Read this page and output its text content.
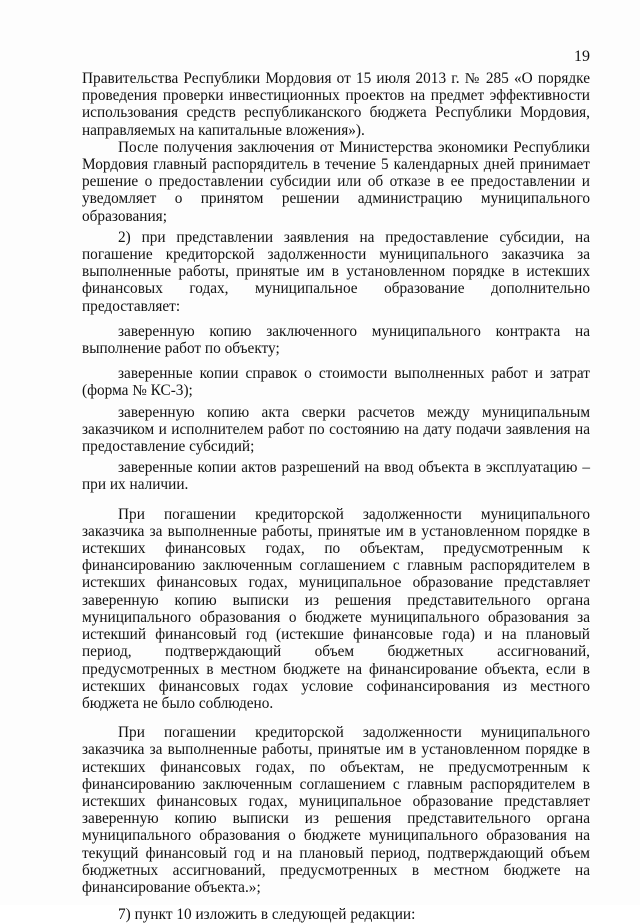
19

Правительства Республики Мордовия от 15 июля 2013 г. № 285 «О порядке проведения проверки инвестиционных проектов на предмет эффективности использования средств республиканского бюджета Республики Мордовия, направляемых на капитальные вложения»).

После получения заключения от Министерства экономики Республики Мордовия главный распорядитель в течение 5 календарных дней принимает решение о предоставлении субсидии или об отказе в ее предоставлении и уведомляет о принятом решении администрацию муниципального образования;

2) при представлении заявления на предоставление субсидии, на погашение кредиторской задолженности муниципального заказчика за выполненные работы, принятые им в установленном порядке в истекших финансовых годах, муниципальное образование дополнительно предоставляет:

заверенную копию заключенного муниципального контракта на выполнение работ по объекту;

заверенные копии справок о стоимости выполненных работ и затрат (форма № КС-3);

заверенную копию акта сверки расчетов между муниципальным заказчиком и исполнителем работ по состоянию на дату подачи заявления на предоставление субсидий;

заверенные копии актов разрешений на ввод объекта в эксплуатацию – при их наличии.

При погашении кредиторской задолженности муниципального заказчика за выполненные работы, принятые им в установленном порядке в истекших финансовых годах, по объектам, предусмотренным к финансированию заключенным соглашением с главным распорядителем в истекших финансовых годах, муниципальное образование представляет заверенную копию выписки из решения представительного органа муниципального образования о бюджете муниципального образования за истекший финансовый год (истекшие финансовые года) и на плановый период, подтверждающий объем бюджетных ассигнований, предусмотренных в местном бюджете на финансирование объекта, если в истекших финансовых годах условие софинансирования из местного бюджета не было соблюдено.

При погашении кредиторской задолженности муниципального заказчика за выполненные работы, принятые им в установленном порядке в истекших финансовых годах, по объектам, не предусмотренным к финансированию заключенным соглашением с главным распорядителем в истекших финансовых годах, муниципальное образование представляет заверенную копию выписки из решения представительного органа муниципального образования о бюджете муниципального образования на текущий финансовый год и на плановый период, подтверждающий объем бюджетных ассигнований, предусмотренных в местном бюджете на финансирование объекта.»;

7) пункт 10 изложить в следующей редакции:
